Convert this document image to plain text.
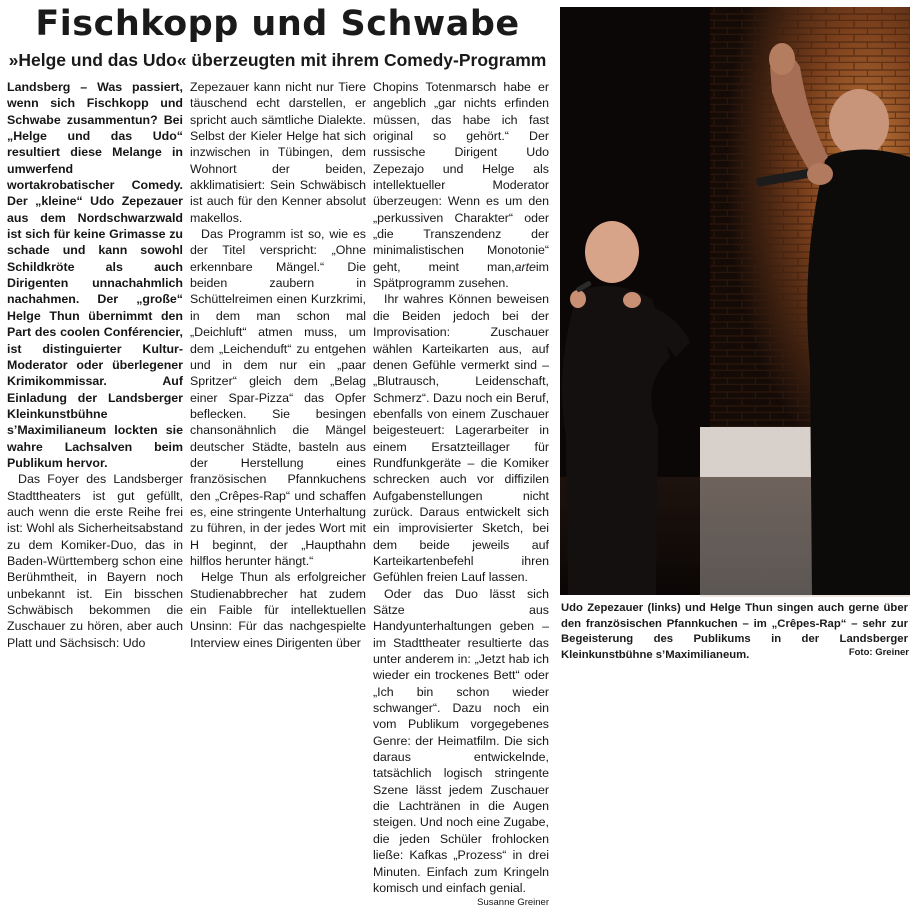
Fischkopp und Schwabe
»Helge und das Udo« überzeugten mit ihrem Comedy-Programm

Landsberg – Was passiert, wenn sich Fischkopp und Schwabe zusammentun? Bei „Helge und das Udo“ resultiert diese Melange in umwerfend wortakrobatischer Comedy. Der „kleine“ Udo Zepezauer aus dem Nordschwarzwald ist sich für keine Grimasse zu schade und kann sowohl Schildkröte als auch Dirigenten unnachahmlich nachahmen. Der „große“ Helge Thun übernimmt den Part des coolen Conférencier, ist distinguierter Kultur-Moderator oder überlegener Krimikommissar. Auf Einladung der Landsberger Kleinkunstbühne s’Maximilianeum lockten sie wahre Lachsalven beim Publikum hervor.

Das Foyer des Landsberger Stadttheaters ist gut gefüllt, auch wenn die erste Reihe frei ist: Wohl als Sicherheitsabstand zu dem Komiker-Duo, das in Baden-Württemberg schon eine Berühmtheit, in Bayern noch unbekannt ist. Ein bisschen Schwäbisch bekommen die Zuschauer zu hören, aber auch Platt und Sächsisch: Udo

Zepezauer kann nicht nur Tiere täuschend echt darstellen, er spricht auch sämtliche Dialekte. Selbst der Kieler Helge hat sich inzwischen in Tübingen, dem Wohnort der beiden, akklimatisiert: Sein Schwäbisch ist auch für den Kenner absolut makellos.

Das Programm ist so, wie es der Titel verspricht: „Ohne erkennbare Mängel.“ Die beiden zaubern in Schüttelreimen einen Kurzkrimi, in dem man schon mal „Deichluft“ atmen muss, um dem „Leichenduft“ zu entgehen und in dem nur ein „paar Spritzer“ gleich dem „Belag einer Spar-Pizza“ das Opfer beflecken. Sie besingen chansonähnlich die Mängel deutscher Städte, basteln aus der Herstellung eines französischen Pfannkuchens den „Crêpes-Rap“ und schaffen es, eine stringente Unterhaltung zu führen, in der jedes Wort mit H beginnt, der „Haupthahn hilflos herunter hängt.“

Helge Thun als erfolgreicher Studienabbrecher hat zudem ein Faible für intellektuellen Unsinn: Für das nachgespielte Interview eines Dirigenten über

Chopins Totenmarsch habe er angeblich „gar nichts erfinden müssen, das habe ich fast original so gehört.“ Der russische Dirigent Udo Zepezajo und Helge als intellektueller Moderator überzeugen: Wenn es um den „perkussiven Charakter“ oder „die Transzendenz der minimalistischen Monotonie“ geht, meint man,arteim Spätprogramm zusehen.

Ihr wahres Können beweisen die Beiden jedoch bei der Improvisation: Zuschauer wählen Karteikarten aus, auf denen Gefühle vermerkt sind – „Blutrausch, Leidenschaft, Schmerz“. Dazu noch ein Beruf, ebenfalls von einem Zuschauer beigesteuert: Lagerarbeiter in einem Ersatzteillager für Rundfunkgeräte – die Komiker schrecken auch vor diffizilen Aufgabenstellungen nicht zurück. Daraus entwickelt sich ein improvisierter Sketch, bei dem beide jeweils auf Karteikartenbefehl ihren Gefühlen freien Lauf lassen.

Oder das Duo lässt sich Sätze aus Handyunterhaltungen geben – im Stadttheater resultierte das unter anderem in: „Jetzt hab ich wieder ein trockenes Bett“ oder „Ich bin schon wieder schwanger“. Dazu noch ein vom Publikum vorgegebenes Genre: der Heimatfilm. Die sich daraus entwickelnde, tatsächlich logisch stringente Szene lässt jedem Zuschauer die Lachtränen in die Augen steigen. Und noch eine Zugabe, die jeden Schüler frohlocken ließe: Kafkas „Prozess“ in drei Minuten. Einfach zum Kringeln komisch und einfach genial.

Susanne Greiner

Udo Zepezauer (links) und Helge Thun singen auch gerne über den französischen Pfannkuchen – im „Crêpes-Rap“ – sehr zur Begeisterung des Publikums in der Landsberger Kleinkunstbühne s’Maximilianeum.	Foto: Greiner
